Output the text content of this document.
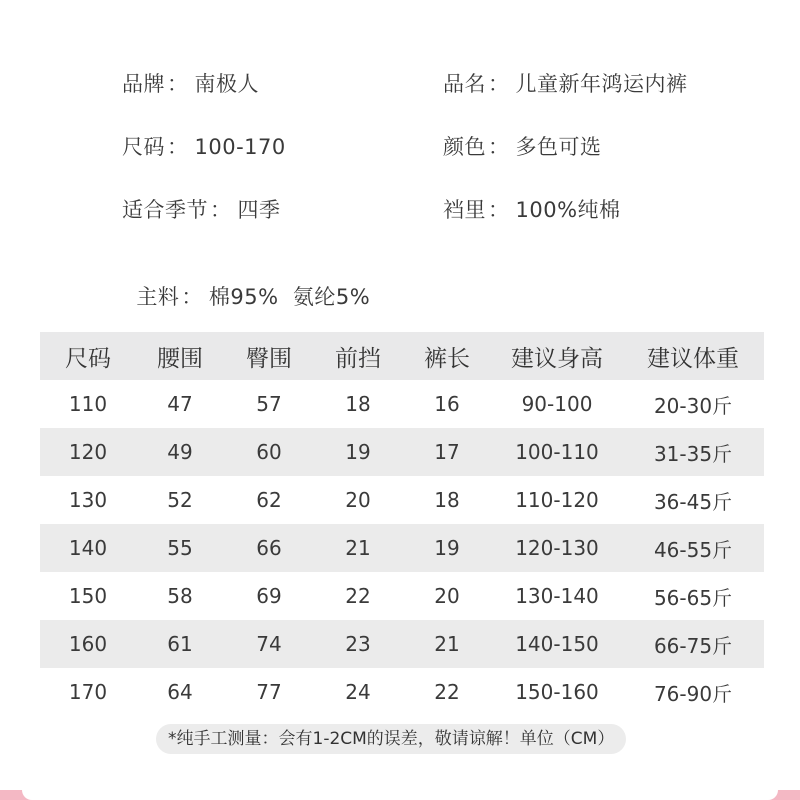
品牌： 南极人	品名： 儿童新年鸿运内裤
尺码： 100-170	颜色： 多色可选
适合季节： 四季	裆里： 100%纯棉

主料： 棉95%  氨纶5%

尺码	腰围	臀围	前挡	裤长	建议身高	建议体重
110	47	57	18	16	90-100	20-30斤
120	49	60	19	17	100-110	31-35斤
130	52	62	20	18	110-120	36-45斤
140	55	66	21	19	120-130	46-55斤
150	58	69	22	20	130-140	56-65斤
160	61	74	23	21	140-150	66-75斤
170	64	77	24	22	150-160	76-90斤
*纯手工测量：会有1-2CM的误差，敬请谅解！单位（CM）
